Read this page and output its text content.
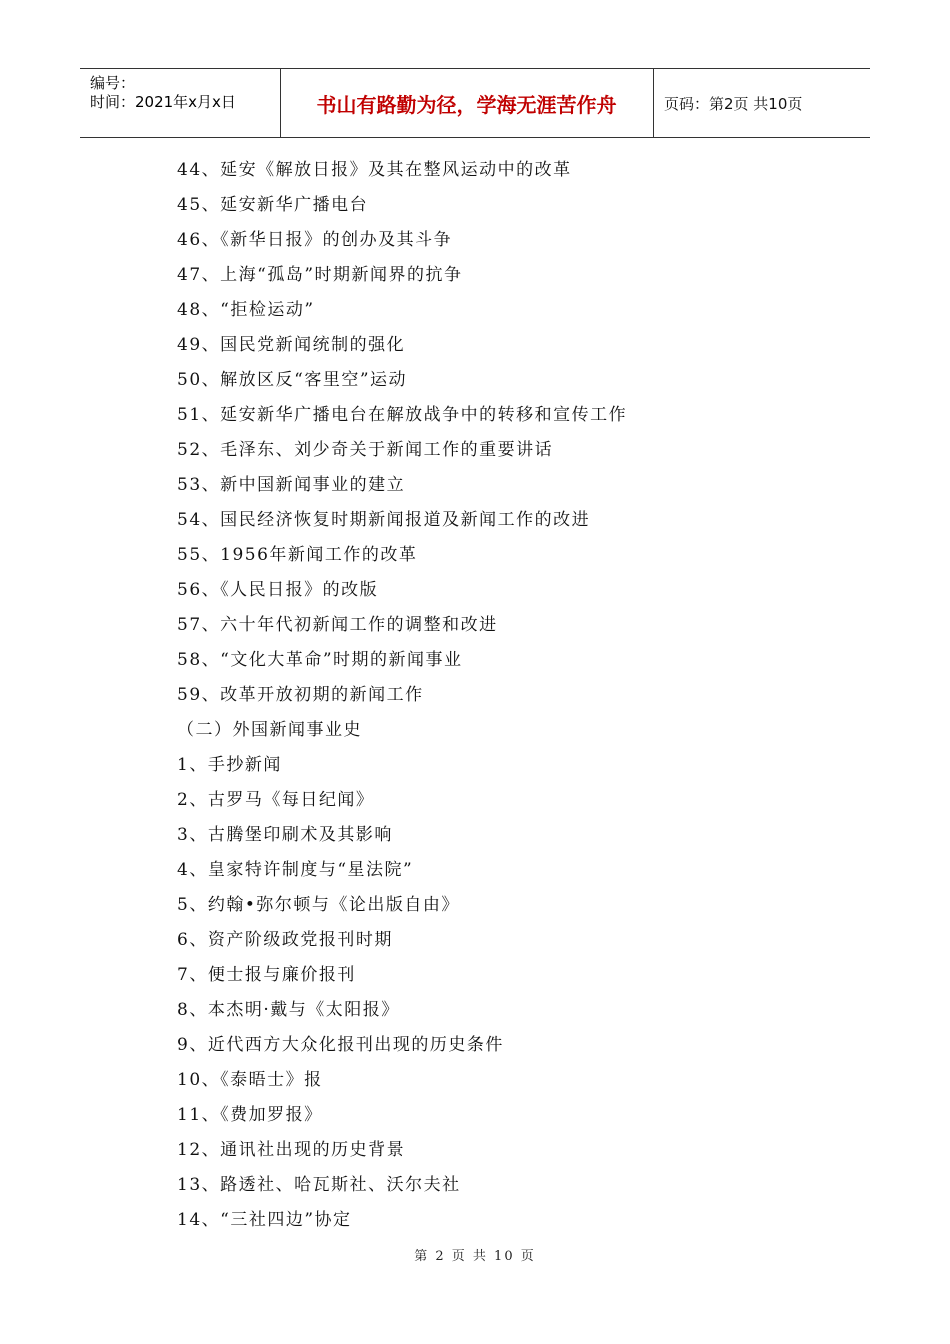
编号：
时间：2021年x月x日	书山有路勤为径，学海无涯苦作舟	页码：第2页 共10页
44、延安《解放日报》及其在整风运动中的改革
45、延安新华广播电台
46、《新华日报》的创办及其斗争
47、上海“孤岛”时期新闻界的抗争
48、“拒检运动”
49、国民党新闻统制的强化
50、解放区反“客里空”运动
51、延安新华广播电台在解放战争中的转移和宣传工作
52、毛泽东、刘少奇关于新闻工作的重要讲话
53、新中国新闻事业的建立
54、国民经济恢复时期新闻报道及新闻工作的改进
55、1956年新闻工作的改革
56、《人民日报》的改版
57、六十年代初新闻工作的调整和改进
58、“文化大革命”时期的新闻事业
59、改革开放初期的新闻工作
（二）外国新闻事业史
1、手抄新闻
2、古罗马《每日纪闻》
3、古腾堡印刷术及其影响
4、皇家特许制度与“星法院”
5、约翰•弥尔顿与《论出版自由》
6、资产阶级政党报刊时期
7、便士报与廉价报刊
8、本杰明·戴与《太阳报》
9、近代西方大众化报刊出现的历史条件
10、《泰晤士》报
11、《费加罗报》
12、通讯社出现的历史背景
13、路透社、哈瓦斯社、沃尔夫社
14、“三社四边”协定
第 2 页 共 10 页
